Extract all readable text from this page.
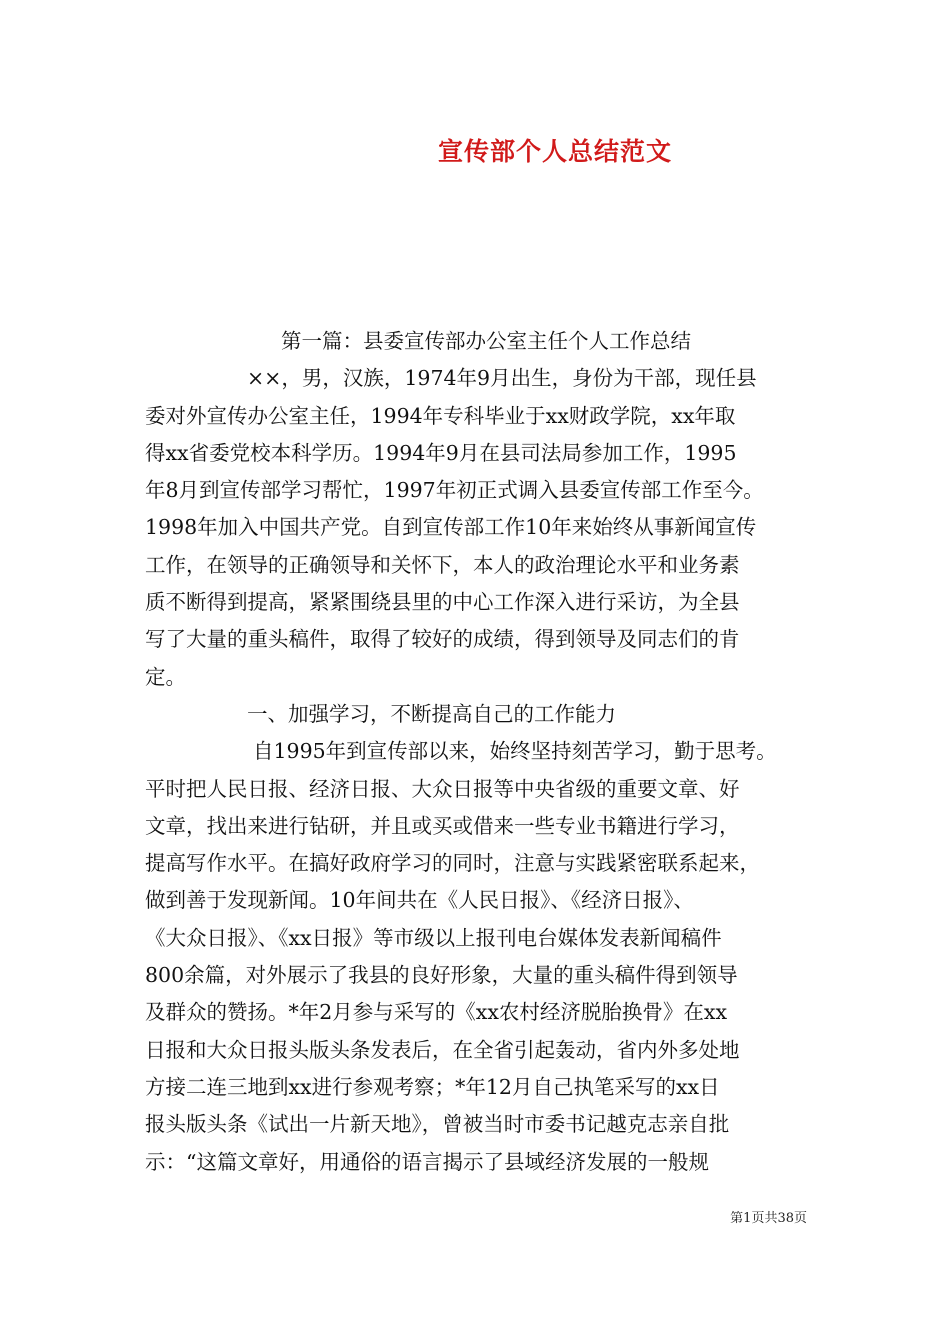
宣传部个人总结范文
第一篇：县委宣传部办公室主任个人工作总结
××，男，汉族，1974年9月出生，身份为干部，现任县
委对外宣传办公室主任，1994年专科毕业于xx财政学院，xx年取
得xx省委党校本科学历。1994年9月在县司法局参加工作，1995
年8月到宣传部学习帮忙，1997年初正式调入县委宣传部工作至今。
1998年加入中国共产党。自到宣传部工作10年来始终从事新闻宣传
工作，在领导的正确领导和关怀下，本人的政治理论水平和业务素
质不断得到提高，紧紧围绕县里的中心工作深入进行采访，为全县
写了大量的重头稿件，取得了较好的成绩，得到领导及同志们的肯
定。
一、加强学习，不断提高自己的工作能力
自1995年到宣传部以来，始终坚持刻苦学习，勤于思考。
平时把人民日报、经济日报、大众日报等中央省级的重要文章、好
文章，找出来进行钻研，并且或买或借来一些专业书籍进行学习，
提高写作水平。在搞好政府学习的同时，注意与实践紧密联系起来，
做到善于发现新闻。10年间共在《人民日报》、《经济日报》、
《大众日报》、《xx日报》等市级以上报刊电台媒体发表新闻稿件
800余篇，对外展示了我县的良好形象，大量的重头稿件得到领导
及群众的赞扬。*年2月参与采写的《xx农村经济脱胎换骨》在xx
日报和大众日报头版头条发表后，在全省引起轰动，省内外多处地
方接二连三地到xx进行参观考察；*年12月自己执笔采写的xx日
报头版头条《试出一片新天地》，曾被当时市委书记越克志亲自批
示：“这篇文章好，用通俗的语言揭示了县域经济发展的一般规
第1页共38页
